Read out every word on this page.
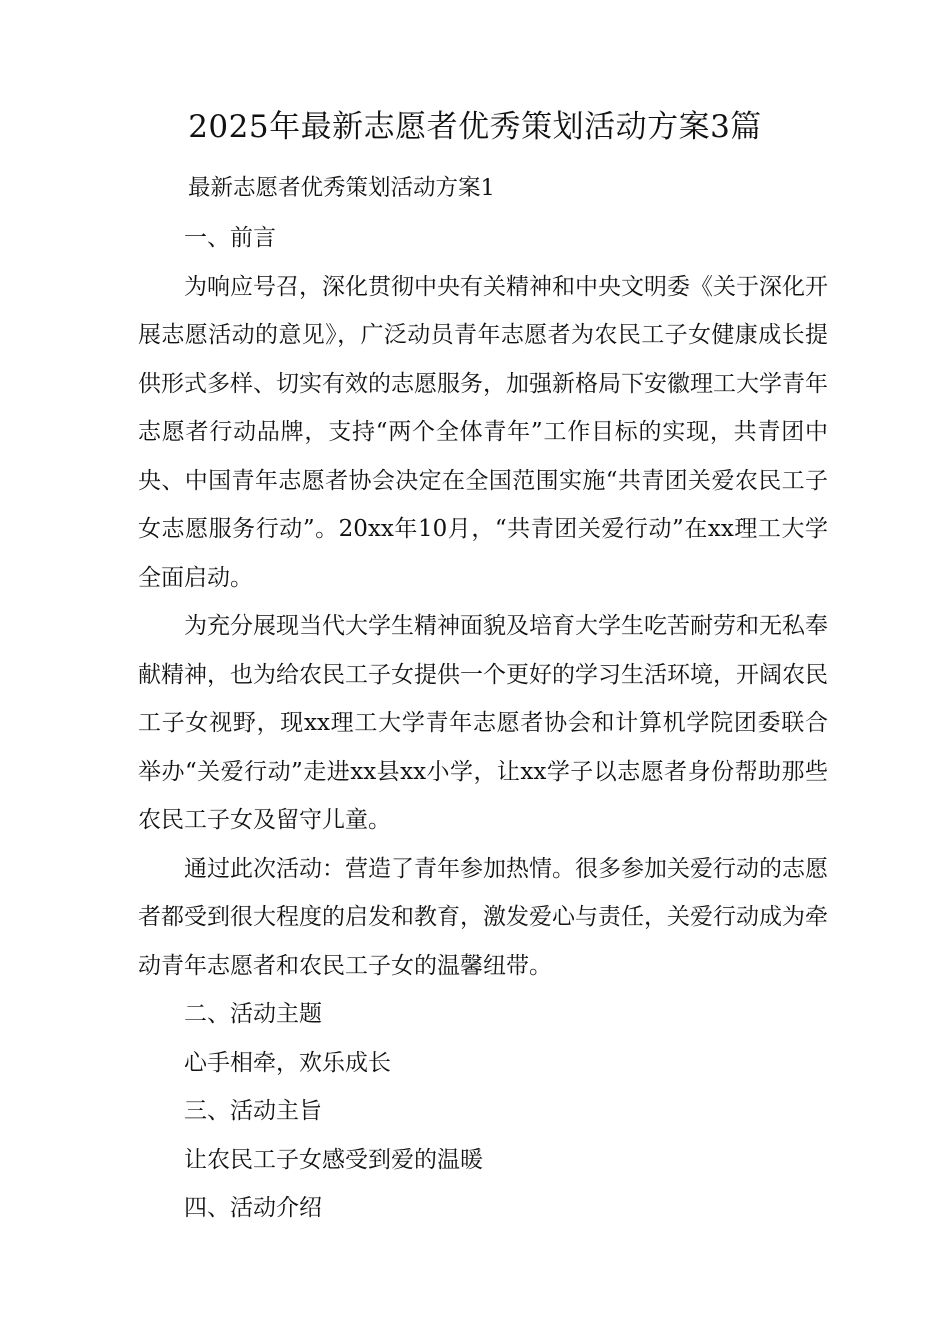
2025年最新志愿者优秀策划活动方案3篇

最新志愿者优秀策划活动方案1

一、前言

为响应号召，深化贯彻中央有关精神和中央文明委《关于深化开展志愿活动的意见》，广泛动员青年志愿者为农民工子女健康成长提供形式多样、切实有效的志愿服务，加强新格局下安徽理工大学青年志愿者行动品牌，支持“两个全体青年”工作目标的实现，共青团中央、中国青年志愿者协会决定在全国范围实施“共青团关爱农民工子女志愿服务行动”。20xx年10月，“共青团关爱行动”在xx理工大学全面启动。

为充分展现当代大学生精神面貌及培育大学生吃苦耐劳和无私奉献精神，也为给农民工子女提供一个更好的学习生活环境，开阔农民工子女视野，现xx理工大学青年志愿者协会和计算机学院团委联合举办“关爱行动”走进xx县xx小学，让xx学子以志愿者身份帮助那些农民工子女及留守儿童。

通过此次活动：营造了青年参加热情。很多参加关爱行动的志愿者都受到很大程度的启发和教育，激发爱心与责任，关爱行动成为牵动青年志愿者和农民工子女的温馨纽带。

二、活动主题

心手相牵，欢乐成长

三、活动主旨

让农民工子女感受到爱的温暖

四、活动介绍
